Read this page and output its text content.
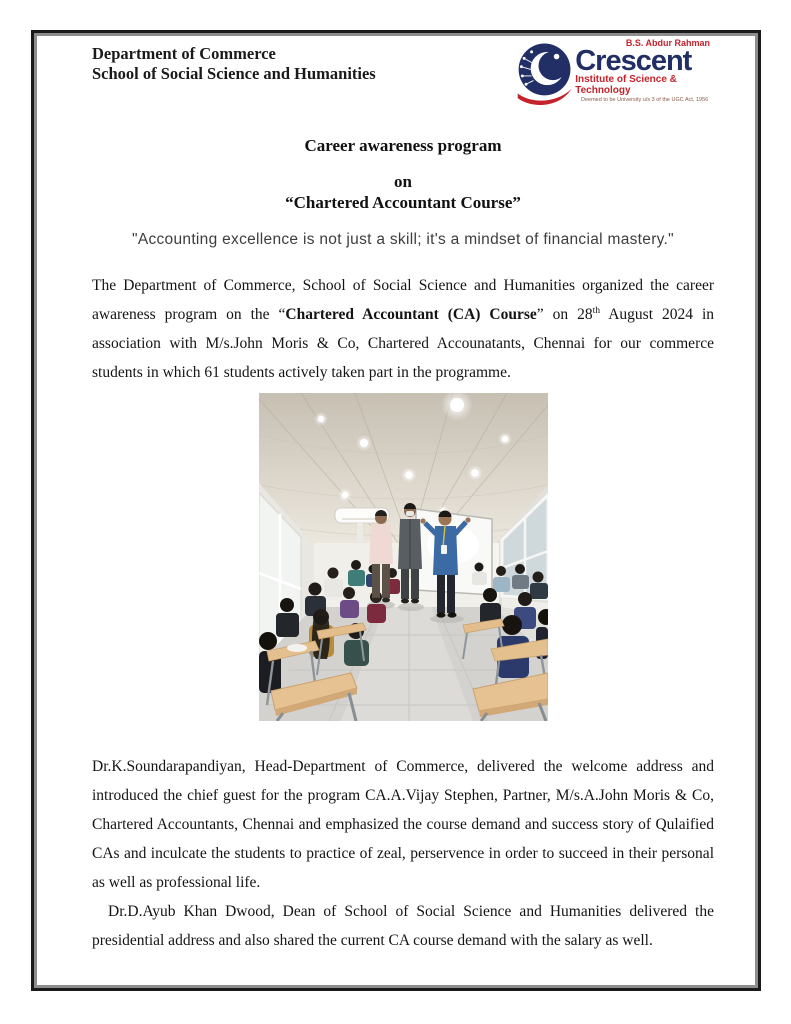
Department of Commerce
School of Social Science and Humanities
B.S. Abdur Rahman
Crescent
Institute of Science & Technology
Deemed to be University u/s 3 of the UGC Act, 1956
Career awareness program
on
“Chartered Accountant Course”
"Accounting excellence is not just a skill; it's a mindset of financial mastery."

The Department of Commerce, School of Social Science and Humanities organized the career awareness program on the “Chartered Accountant (CA) Course” on 28th August 2024 in association with M/s.John Moris & Co, Chartered Accounatants, Chennai for our commerce students in which 61 students actively taken part in the programme.

Dr.K.Soundarapandiyan, Head-Department of Commerce, delivered the welcome address and introduced the chief guest for the program CA.A.Vijay Stephen, Partner, M/s.A.John Moris & Co, Chartered Accountants, Chennai and emphasized the course demand and success story of Qulaified CAs and inculcate the students to practice of zeal, perservence in order to succeed in their personal as well as professional life.

Dr.D.Ayub Khan Dwood, Dean of School of Social Science and Humanities delivered the presidential address and also shared the current CA course demand with the salary as well.
